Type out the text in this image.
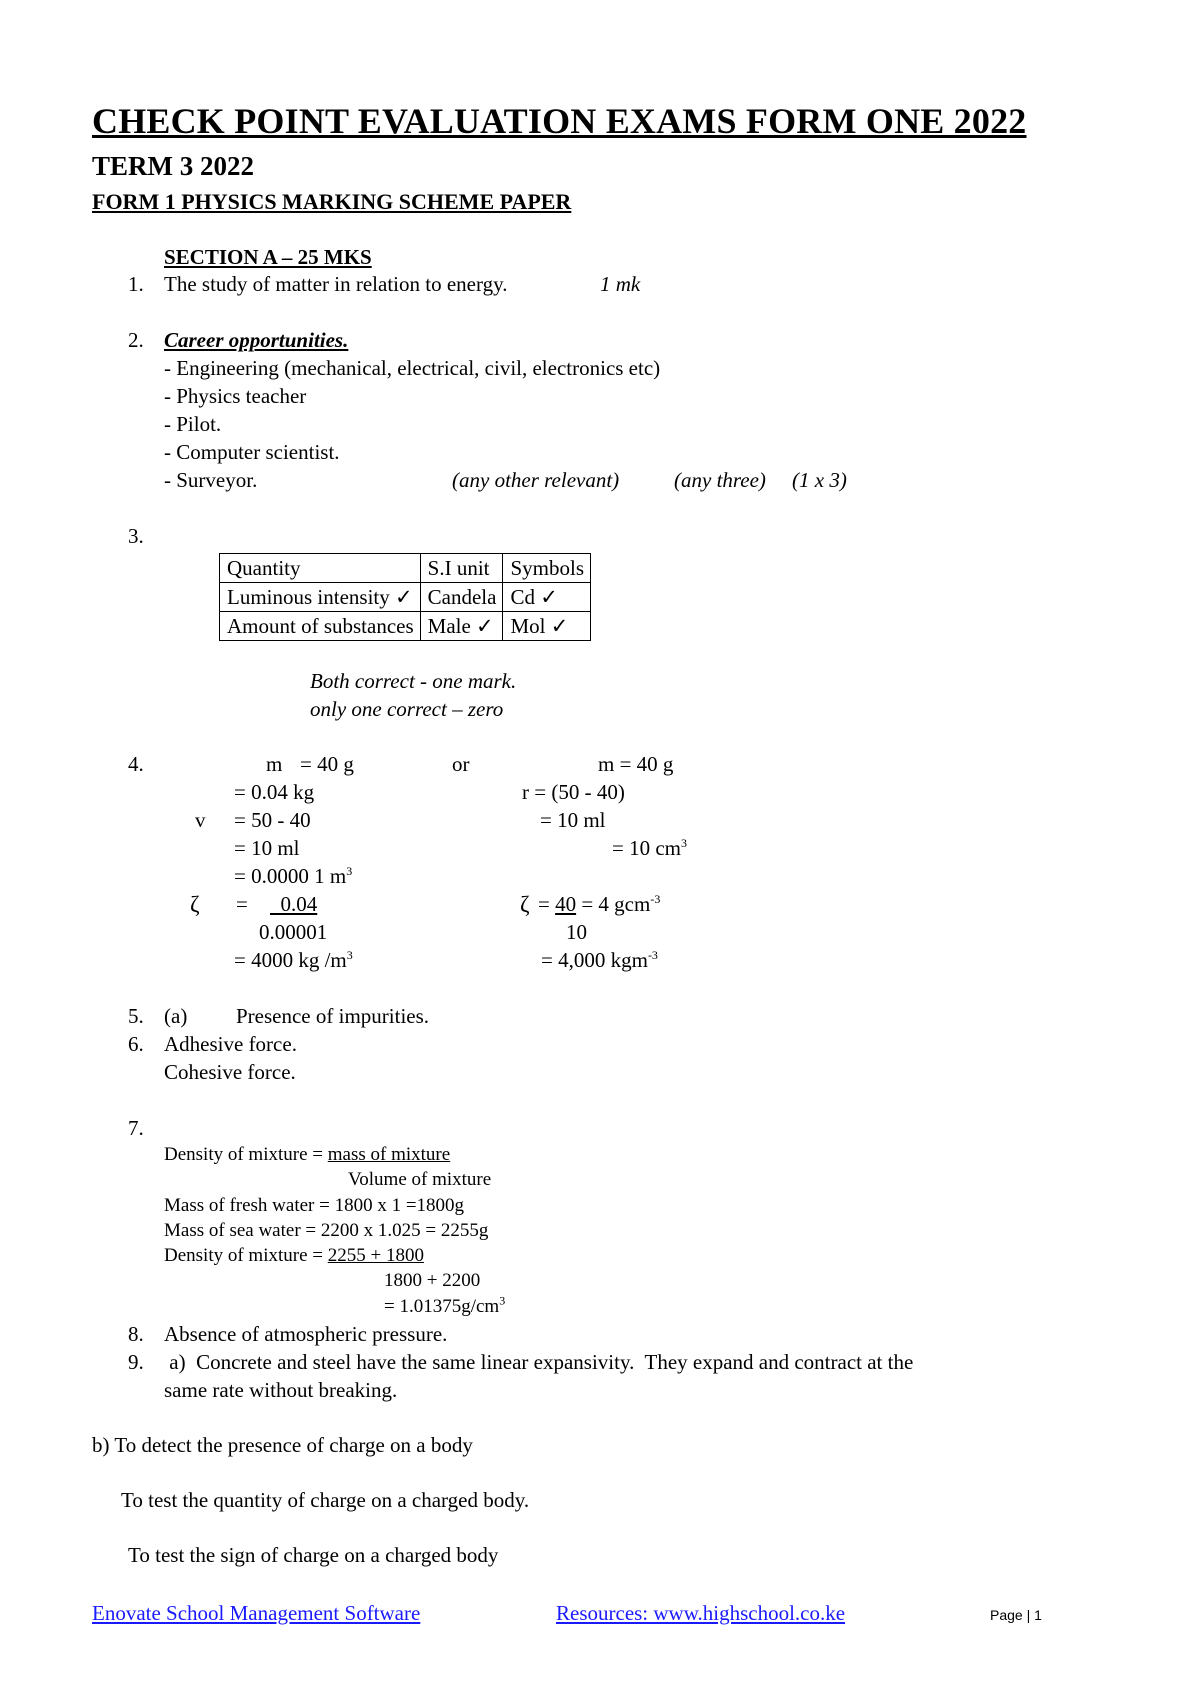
CHECK POINT EVALUATION EXAMS FORM ONE 2022
TERM 3 2022
FORM 1 PHYSICS MARKING SCHEME PAPER
SECTION A – 25 MKS
1. The study of matter in relation to energy.	1 mk
2. Career opportunities.
- Engineering (mechanical, electrical, civil, electronics etc)
- Physics teacher
- Pilot.
- Computer scientist.
- Surveyor.	(any other relevant)	(any three) (1 x 3)
3.
Quantity	S.I unit	Symbols
Luminous intensity ✓	Candela	Cd ✓
Amount of substances	Male ✓	Mol ✓
Both correct - one mark.
only one correct – zero
4.	m = 40 g
= 0.04 kg
v = 50 - 40
= 10 ml
= 0.0000 1 $m^3$
ζ =	0.04
0.00001
= 4000 kg $/m^3$
or	m = 40 g
r = (50 - 40)
= 10 ml
= 10 $cm^3$
ζ = 40 = 4 gcm$^{-3}$
10
= 4,000 kgm$^{-3}$
5. (a) Presence of impurities.
6. Adhesive force.
Cohesive force.
7.
Density of mixture = mass of mixture
Volume of mixture
Mass of fresh water = 1800 x 1 =1800g
Mass of sea water = 2200 x 1.025 = 2255g
Density of mixture = 2255 + 1800
1800 + 2200
= $1.01375g/cm^3$
8. Absence of atmospheric pressure.
9. a)  Concrete and steel have the same linear expansivity.  They expand and contract at the
same rate without breaking.
b) To detect the presence of charge on a body
To test the quantity of charge on a charged body.
To test the sign of charge on a charged body
Enovate School Management Software	Resources: www.highschool.co.ke	Page | 1
